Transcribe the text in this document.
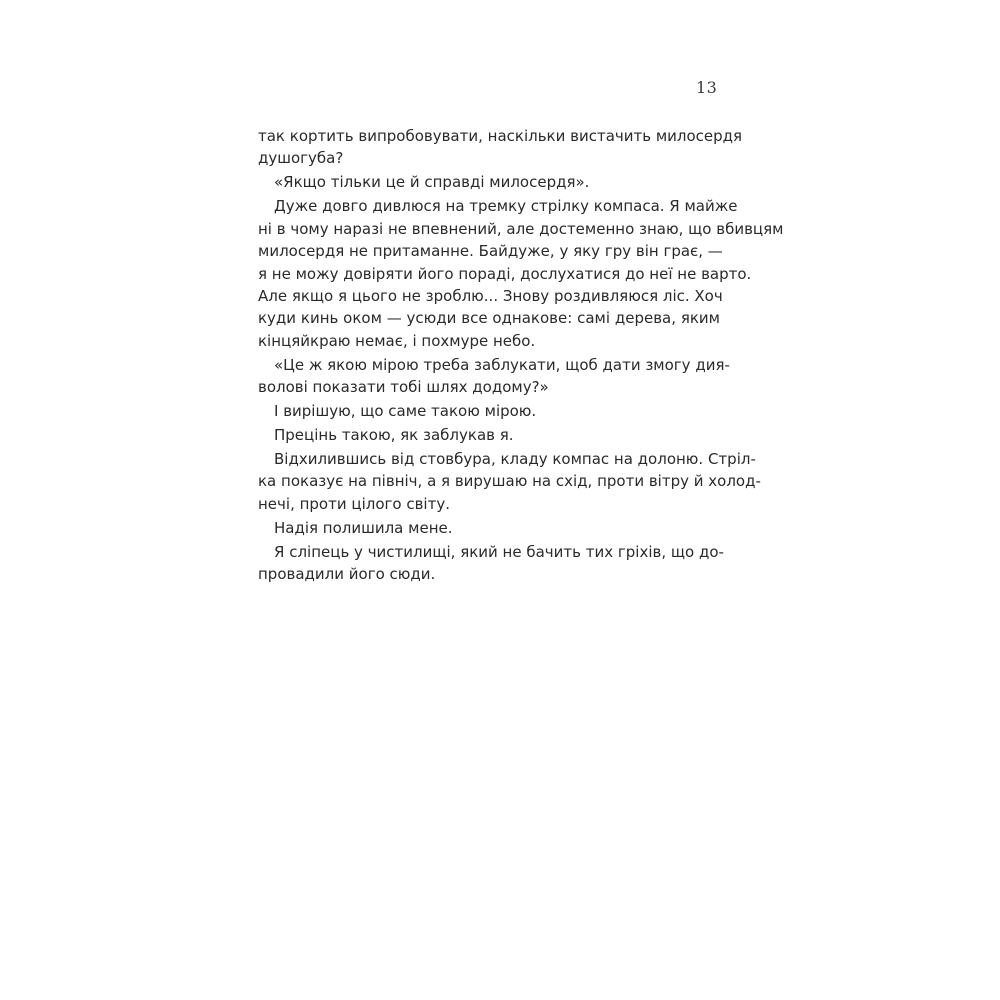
13
так кортить випробовувати, наскільки вистачить милосердя
душогуба?
«Якщо тільки це й справді милосердя».
Дуже довго дивлюся на тремку стрілку компаса. Я майже
ні в чому наразі не впевнений, але достеменно знаю, що вбивцям
милосердя не притаманне. Байдуже, у яку гру він грає, —
я не можу довіряти його пораді, дослухатися до неї не варто.
Але якщо я цього не зроблю... Знову роздивляюся ліс. Хоч
куди кинь оком — усюди все однакове: самі дерева, яким
кінцяйкраю немає, і похмуре небо.
«Це ж якою мірою треба заблукати, щоб дати змогу дия-
волові показати тобі шлях додому?»
І вирішую, що саме такою мірою.
Прецінь такою, як заблукав я.
Відхилившись від стовбура, кладу компас на долоню. Стріл-
ка показує на північ, а я вирушаю на схід, проти вітру й холод-
нечі, проти цілого світу.
Надія полишила мене.
Я сліпець у чистилищі, який не бачить тих гріхів, що до-
провадили його сюди.
